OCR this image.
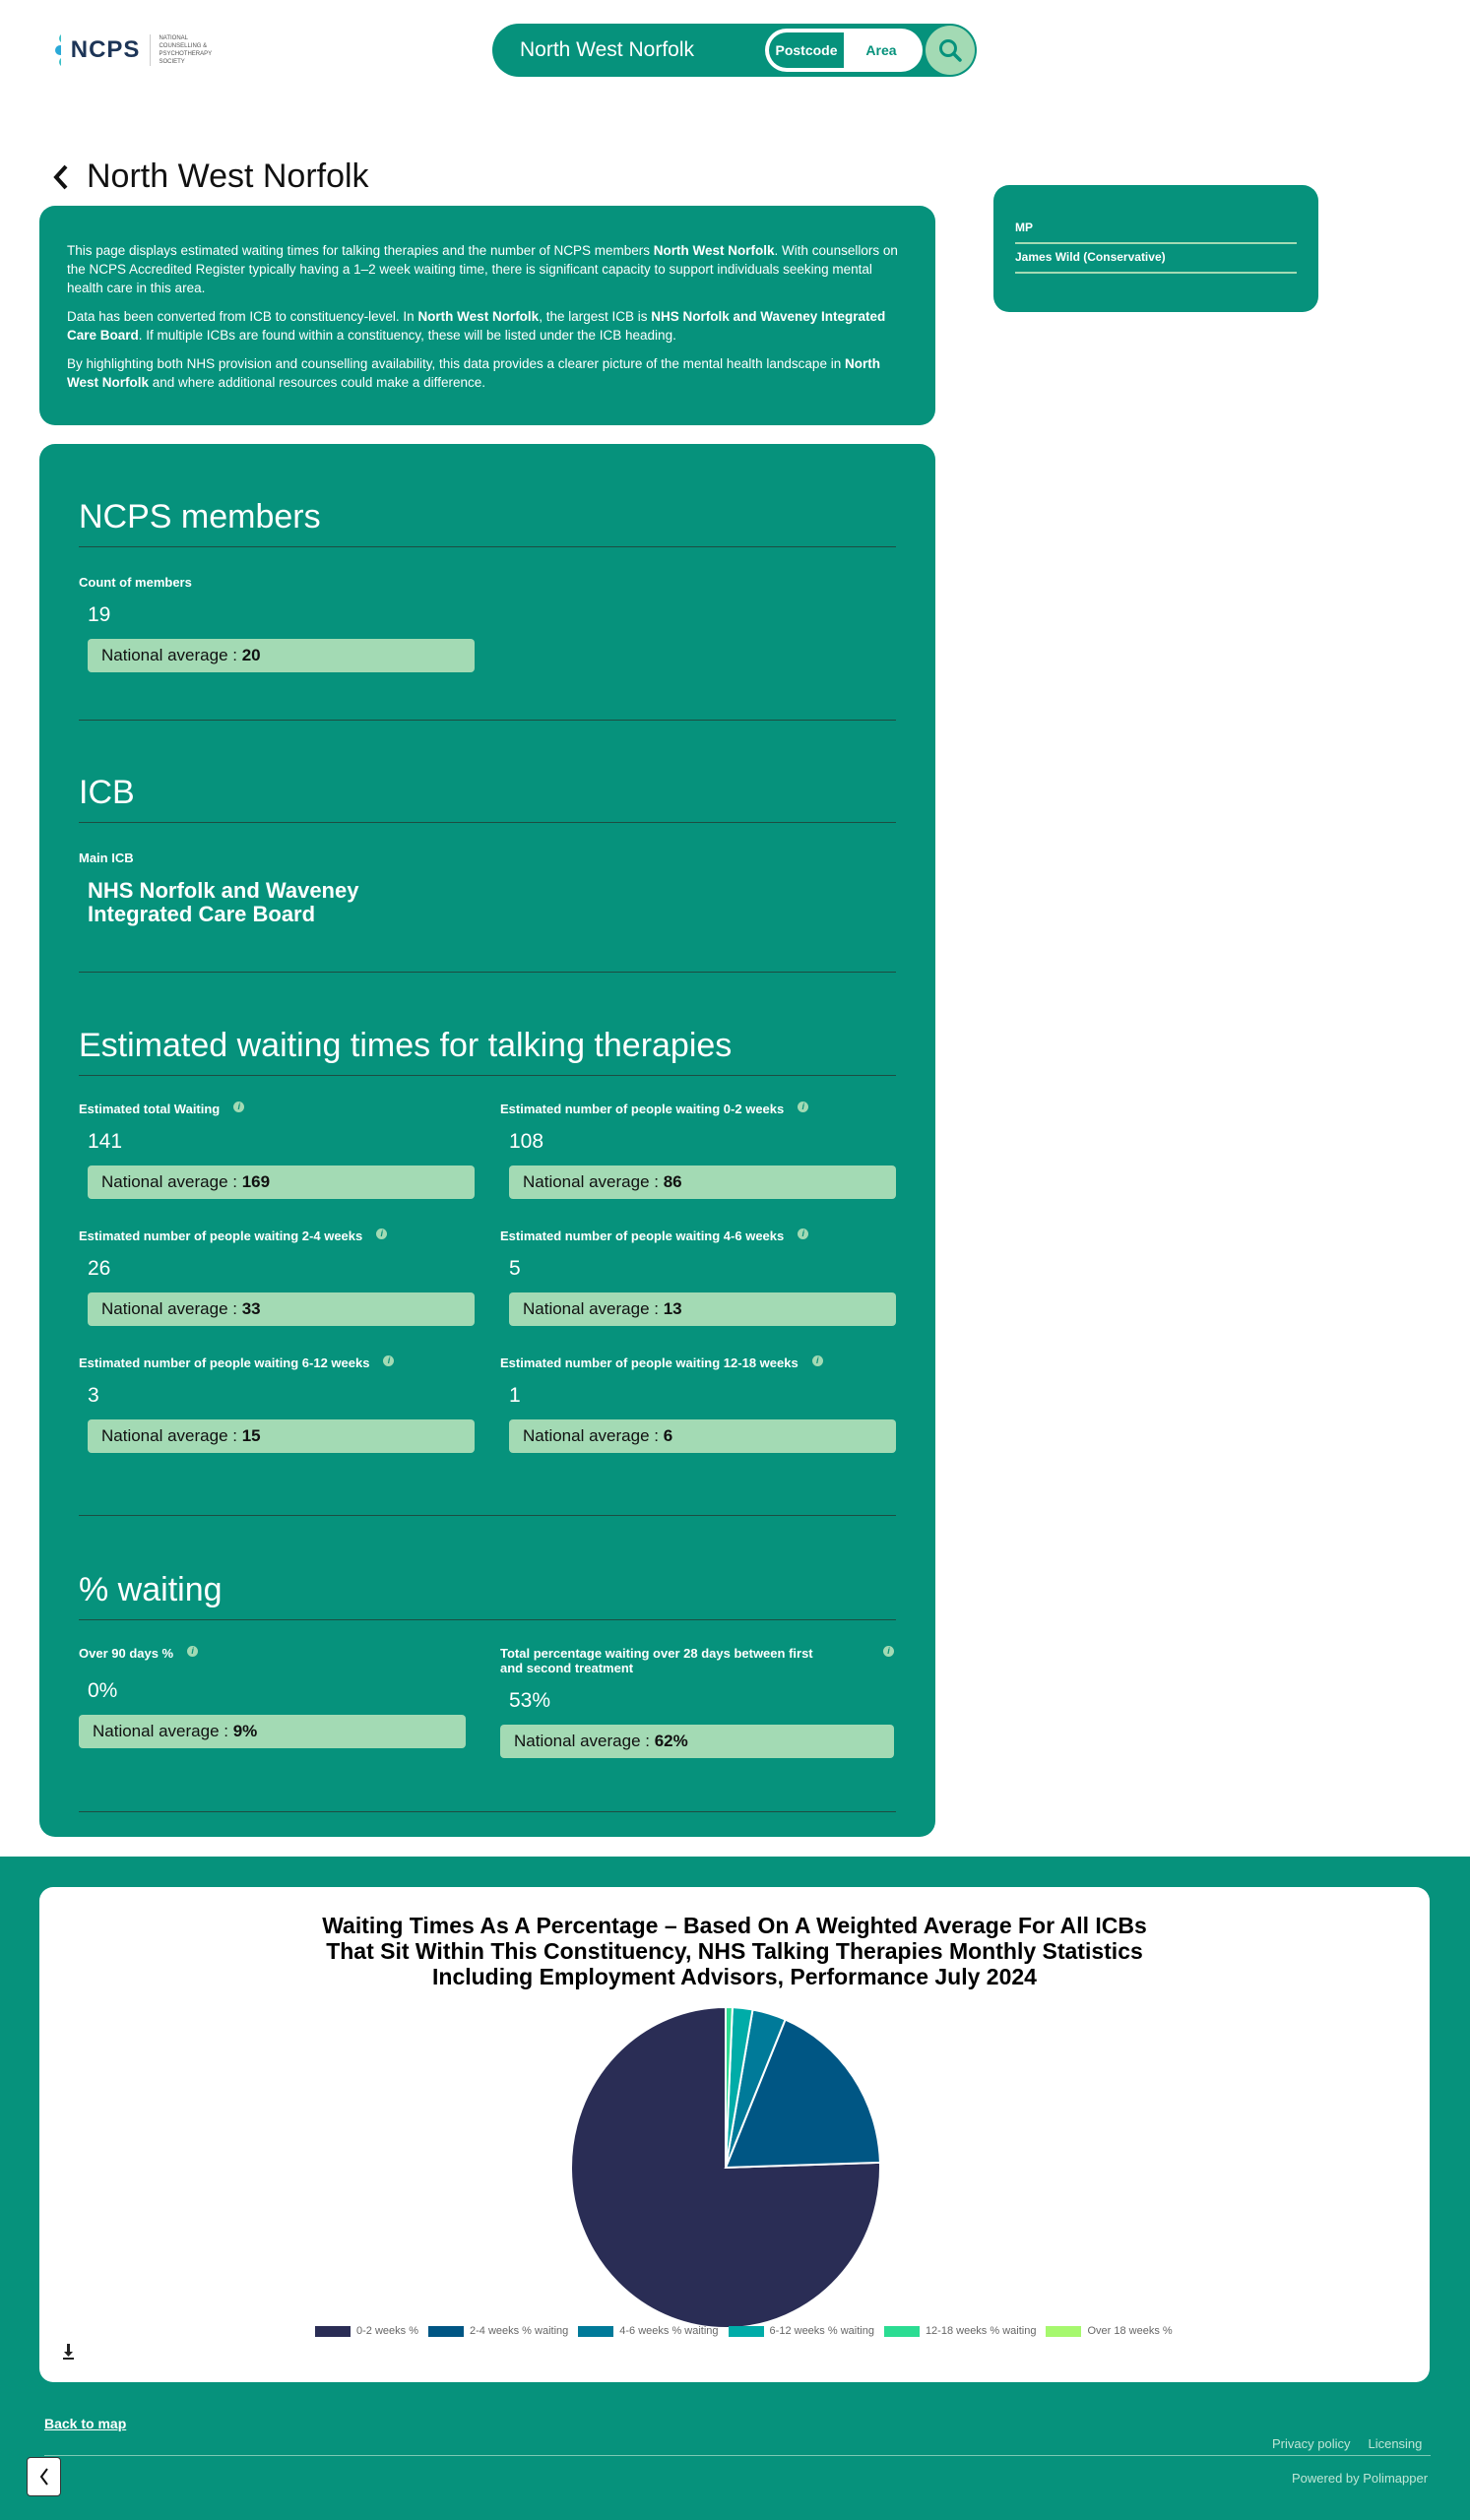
NCPS	NATIONAL COUNSELLING & PSYCHOTHERAPY SOCIETY
North West Norfolk	Postcode	Area
North West Norfolk

This page displays estimated waiting times for talking therapies and the number of NCPS members North West Norfolk. With counsellors on the NCPS Accredited Register typically having a 1–2 week waiting time, there is significant capacity to support individuals seeking mental health care in this area.

Data has been converted from ICB to constituency-level. In North West Norfolk, the largest ICB is NHS Norfolk and Waveney Integrated Care Board. If multiple ICBs are found within a constituency, these will be listed under the ICB heading.

By highlighting both NHS provision and counselling availability, this data provides a clearer picture of the mental health landscape in North West Norfolk and where additional resources could make a difference.

MP
James Wild (Conservative)
NCPS members
Count of members
19
National average : 20
ICB
Main ICB
NHS Norfolk and Waveney Integrated Care Board
Estimated waiting times for talking therapies
Estimated total Waiting i
141
National average : 169
Estimated number of people waiting 0-2 weeks i
108
National average : 86
Estimated number of people waiting 2-4 weeks i
26
National average : 33
Estimated number of people waiting 4-6 weeks i
5
National average : 13
Estimated number of people waiting 6-12 weeks i
3
National average : 15
Estimated number of people waiting 12-18 weeks i
1
National average : 6
% waiting
Over 90 days % i
0%
National average : 9%
Total percentage waiting over 28 days between first and second treatment
i
53%
National average : 62%
Waiting Times As A Percentage – Based On A Weighted Average For All ICBs
That Sit Within This Constituency, NHS Talking Therapies Monthly Statistics
Including Employment Advisors, Performance July 2024
0-2 weeks %	2-4 weeks % waiting	4-6 weeks % waiting	6-12 weeks % waiting	12-18 weeks % waiting	Over 18 weeks %
Back to map
Privacy policy Licensing
Powered by Polimapper
